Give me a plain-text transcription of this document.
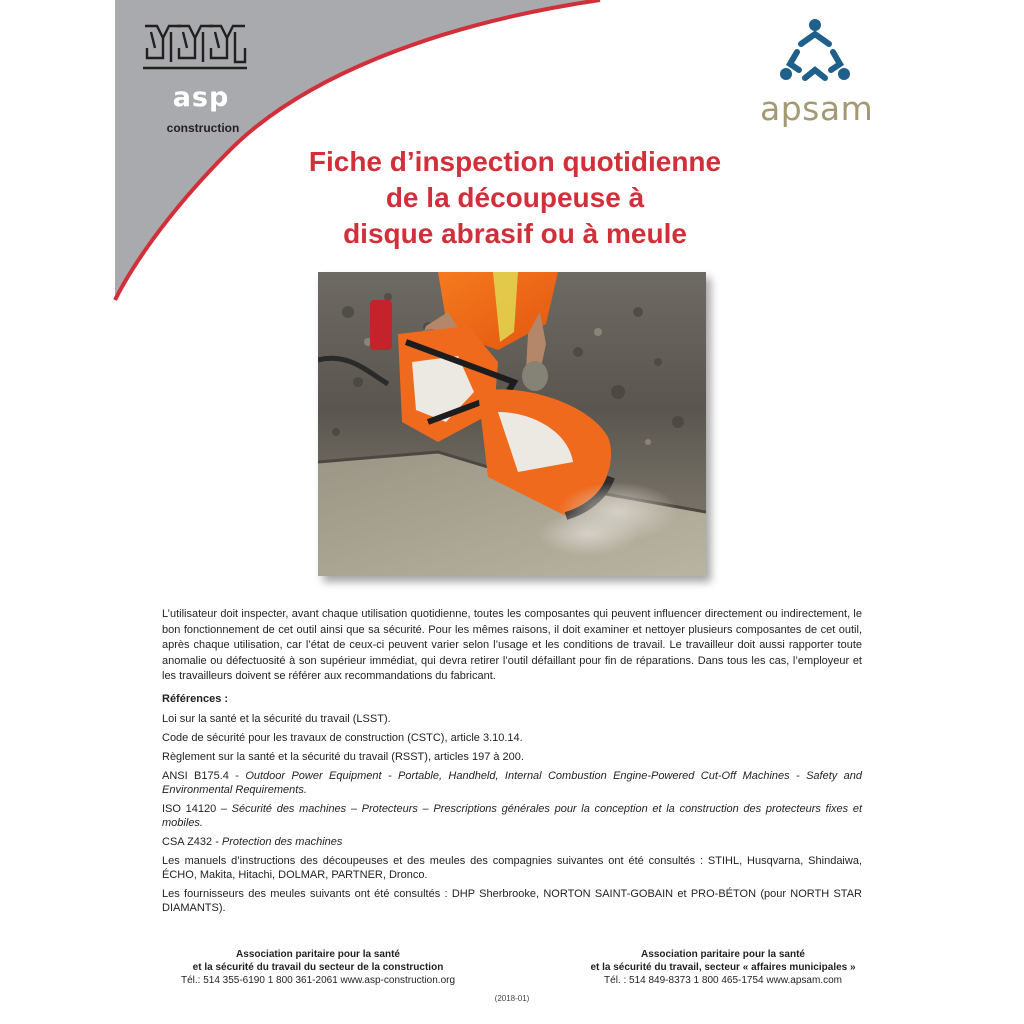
asp
construction	apsam
Fiche d’inspection quotidienne
de la découpeuse à
disque abrasif ou à meule

L’utilisateur doit inspecter, avant chaque utilisation quotidienne, toutes les composantes qui peuvent influencer directement ou indirectement, le bon fonctionnement de cet outil ainsi que sa sécurité. Pour les mêmes raisons, il doit examiner et nettoyer plusieurs composantes de cet outil, après chaque utilisation, car l’état de ceux-ci peuvent varier selon l’usage et les conditions de travail. Le travailleur doit aussi rapporter toute anomalie ou défectuosité à son supérieur immédiat, qui devra retirer l’outil défaillant pour fin de réparations. Dans tous les cas, l’employeur et les travailleurs doivent se référer aux recommandations du fabricant.

Références :
Loi sur la santé et la sécurité du travail (LSST).
Code de sécurité pour les travaux de construction (CSTC), article 3.10.14.
Règlement sur la santé et la sécurité du travail (RSST), articles 197 à 200.
ANSI B175.4 - Outdoor Power Equipment - Portable, Handheld, Internal Combustion Engine-Powered Cut-Off Machines - Safety and Environmental Requirements.
ISO 14120 – Sécurité des machines – Protecteurs – Prescriptions générales pour la conception et la construction des protecteurs fixes et mobiles.
CSA Z432 - Protection des machines
Les manuels d’instructions des découpeuses et des meules des compagnies suivantes ont été consultés : STIHL, Husqvarna, Shindaiwa, ÉCHO, Makita, Hitachi, DOLMAR, PARTNER, Dronco.
Les fournisseurs des meules suivants ont été consultés : DHP Sherbrooke, NORTON SAINT-GOBAIN et PRO-BÉTON (pour NORTH STAR DIAMANTS).
Association paritaire pour la santé
et la sécurité du travail du secteur de la construction
Tél.: 514 355-6190 1 800 361-2061 www.asp-construction.org
Association paritaire pour la santé
et la sécurité du travail, secteur « affaires municipales »
Tél. : 514 849-8373 1 800 465-1754 www.apsam.com
(2018-01)
